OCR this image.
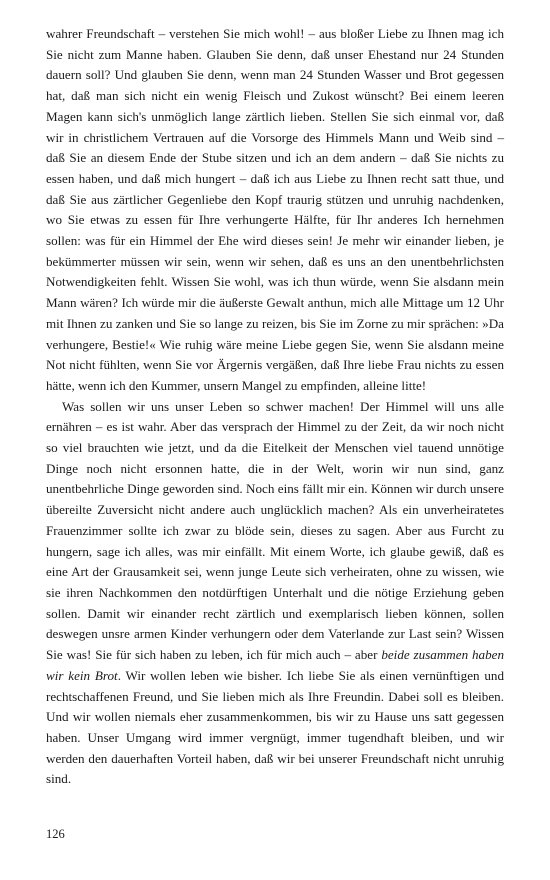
wahrer Freundschaft – verstehen Sie mich wohl! – aus bloßer Liebe zu Ihnen mag ich Sie nicht zum Manne haben. Glauben Sie denn, daß unser Ehestand nur 24 Stunden dauern soll? Und glauben Sie denn, wenn man 24 Stunden Wasser und Brot gegessen hat, daß man sich nicht ein wenig Fleisch und Zukost wünscht? Bei einem leeren Magen kann sich's unmöglich lange zärtlich lieben. Stellen Sie sich einmal vor, daß wir in christlichem Vertrauen auf die Vorsorge des Himmels Mann und Weib sind – daß Sie an diesem Ende der Stube sitzen und ich an dem andern – daß Sie nichts zu essen haben, und daß mich hungert – daß ich aus Liebe zu Ihnen recht satt thue, und daß Sie aus zärtlicher Gegenliebe den Kopf traurig stützen und unruhig nachdenken, wo Sie etwas zu essen für Ihre verhungerte Hälfte, für Ihr anderes Ich hernehmen sollen: was für ein Himmel der Ehe wird dieses sein! Je mehr wir einander lieben, je bekümmerter müssen wir sein, wenn wir sehen, daß es uns an den unentbehrlichsten Notwendigkeiten fehlt. Wissen Sie wohl, was ich thun würde, wenn Sie alsdann mein Mann wären? Ich würde mir die äußerste Gewalt anthun, mich alle Mittage um 12 Uhr mit Ihnen zu zanken und Sie so lange zu reizen, bis Sie im Zorne zu mir sprächen: »Da verhungere, Bestie!« Wie ruhig wäre meine Liebe gegen Sie, wenn Sie alsdann meine Not nicht fühlten, wenn Sie vor Ärgernis vergäßen, daß Ihre liebe Frau nichts zu essen hätte, wenn ich den Kummer, unsern Mangel zu empfinden, alleine litte!

Was sollen wir uns unser Leben so schwer machen! Der Himmel will uns alle ernähren – es ist wahr. Aber das versprach der Himmel zu der Zeit, da wir noch nicht so viel brauchten wie jetzt, und da die Eitelkeit der Menschen viel tauend unnötige Dinge noch nicht ersonnen hatte, die in der Welt, worin wir nun sind, ganz unentbehrliche Dinge geworden sind. Noch eins fällt mir ein. Können wir durch unsere übereilte Zuversicht nicht andere auch unglücklich machen? Als ein unverheiratetes Frauenzimmer sollte ich zwar zu blöde sein, dieses zu sagen. Aber aus Furcht zu hungern, sage ich alles, was mir einfällt. Mit einem Worte, ich glaube gewiß, daß es eine Art der Grausamkeit sei, wenn junge Leute sich verheiraten, ohne zu wissen, wie sie ihren Nachkommen den notdürftigen Unterhalt und die nötige Erziehung geben sollen. Damit wir einander recht zärtlich und exemplarisch lieben können, sollen deswegen unsre armen Kinder verhungern oder dem Vaterlande zur Last sein? Wissen Sie was! Sie für sich haben zu leben, ich für mich auch – aber beide zusammen haben wir kein Brot. Wir wollen leben wie bisher. Ich liebe Sie als einen vernünftigen und rechtschaffenen Freund, und Sie lieben mich als Ihre Freundin. Dabei soll es bleiben. Und wir wollen niemals eher zusammenkommen, bis wir zu Hause uns satt gegessen haben. Unser Umgang wird immer vergnügt, immer tugendhaft bleiben, und wir werden den dauerhaften Vorteil haben, daß wir bei unserer Freundschaft nicht unruhig sind.

126
